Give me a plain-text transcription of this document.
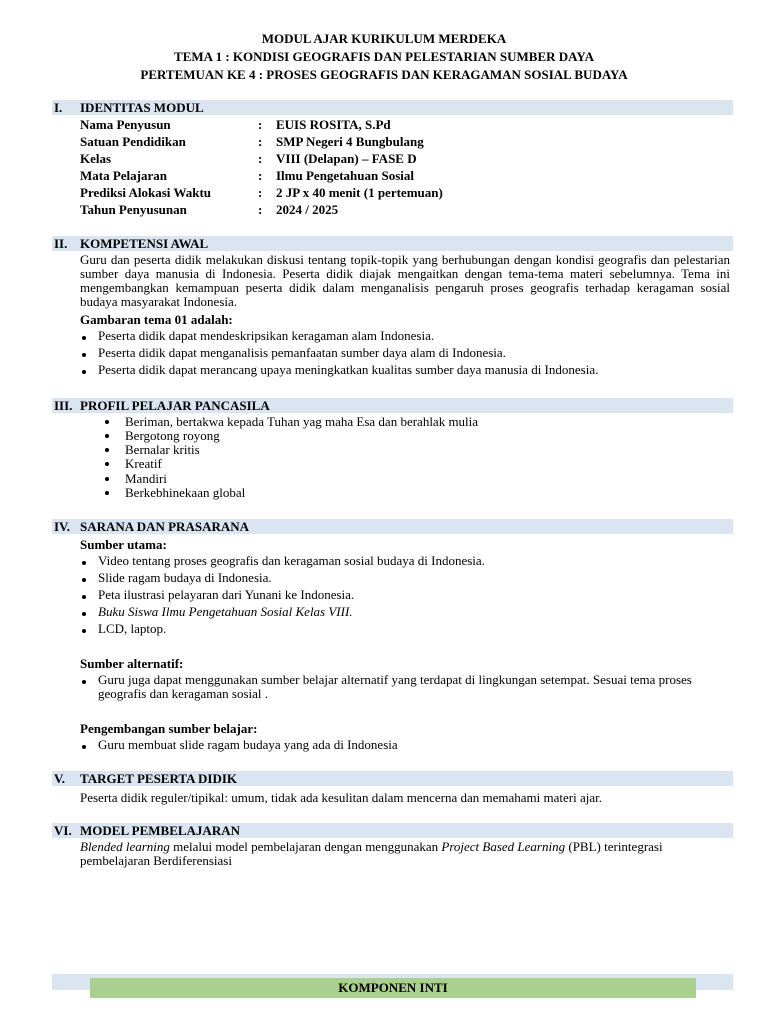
MODUL AJAR KURIKULUM MERDEKA
TEMA 1 : KONDISI GEOGRAFIS DAN PELESTARIAN SUMBER DAYA
PERTEMUAN KE 4 : PROSES GEOGRAFIS DAN KERAGAMAN SOSIAL BUDAYA
I. IDENTITAS MODUL
Nama Penyusun	: EUIS ROSITA, S.Pd
Satuan Pendidikan	: SMP Negeri 4 Bungbulang
Kelas	: VIII (Delapan) – FASE D
Mata Pelajaran	: Ilmu Pengetahuan Sosial
Prediksi Alokasi Waktu	: 2 JP x 40 menit (1 pertemuan)
Tahun Penyusunan	: 2024 / 2025
II. KOMPETENSI AWAL
Guru dan peserta didik melakukan diskusi tentang topik-topik yang berhubungan dengan kondisi geografis dan pelestarian sumber daya manusia di Indonesia. Peserta didik diajak mengaitkan dengan tema-tema materi sebelumnya. Tema ini mengembangkan kemampuan peserta didik dalam menganalisis pengaruh proses geografis terhadap keragaman sosial budaya masyarakat Indonesia.
Gambaran tema 01 adalah:
Peserta didik dapat mendeskripsikan keragaman alam Indonesia.
Peserta didik dapat menganalisis pemanfaatan sumber daya alam di Indonesia.
Peserta didik dapat merancang upaya meningkatkan kualitas sumber daya manusia di Indonesia.
III. PROFIL PELAJAR PANCASILA
Beriman, bertakwa kepada Tuhan yag maha Esa dan berahlak mulia
Bergotong royong
Bernalar kritis
Kreatif
Mandiri
Berkebhinekaan global
IV. SARANA DAN PRASARANA
Sumber utama:
Video tentang proses geografis dan keragaman sosial budaya di Indonesia.
Slide ragam budaya di Indonesia.
Peta ilustrasi pelayaran dari Yunani ke Indonesia.
Buku Siswa Ilmu Pengetahuan Sosial Kelas VIII.
LCD, laptop.
Sumber alternatif:
Guru juga dapat menggunakan sumber belajar alternatif yang terdapat di lingkungan setempat. Sesuai tema proses geografis dan keragaman sosial .
Pengembangan sumber belajar:
Guru membuat slide ragam budaya yang ada di Indonesia
V. TARGET PESERTA DIDIK
Peserta didik reguler/tipikal: umum, tidak ada kesulitan dalam mencerna dan memahami materi ajar.
VI. MODEL PEMBELAJARAN
Blended learning melalui model pembelajaran dengan menggunakan Project Based Learning (PBL) terintegrasi pembelajaran Berdiferensiasi
KOMPONEN INTI
